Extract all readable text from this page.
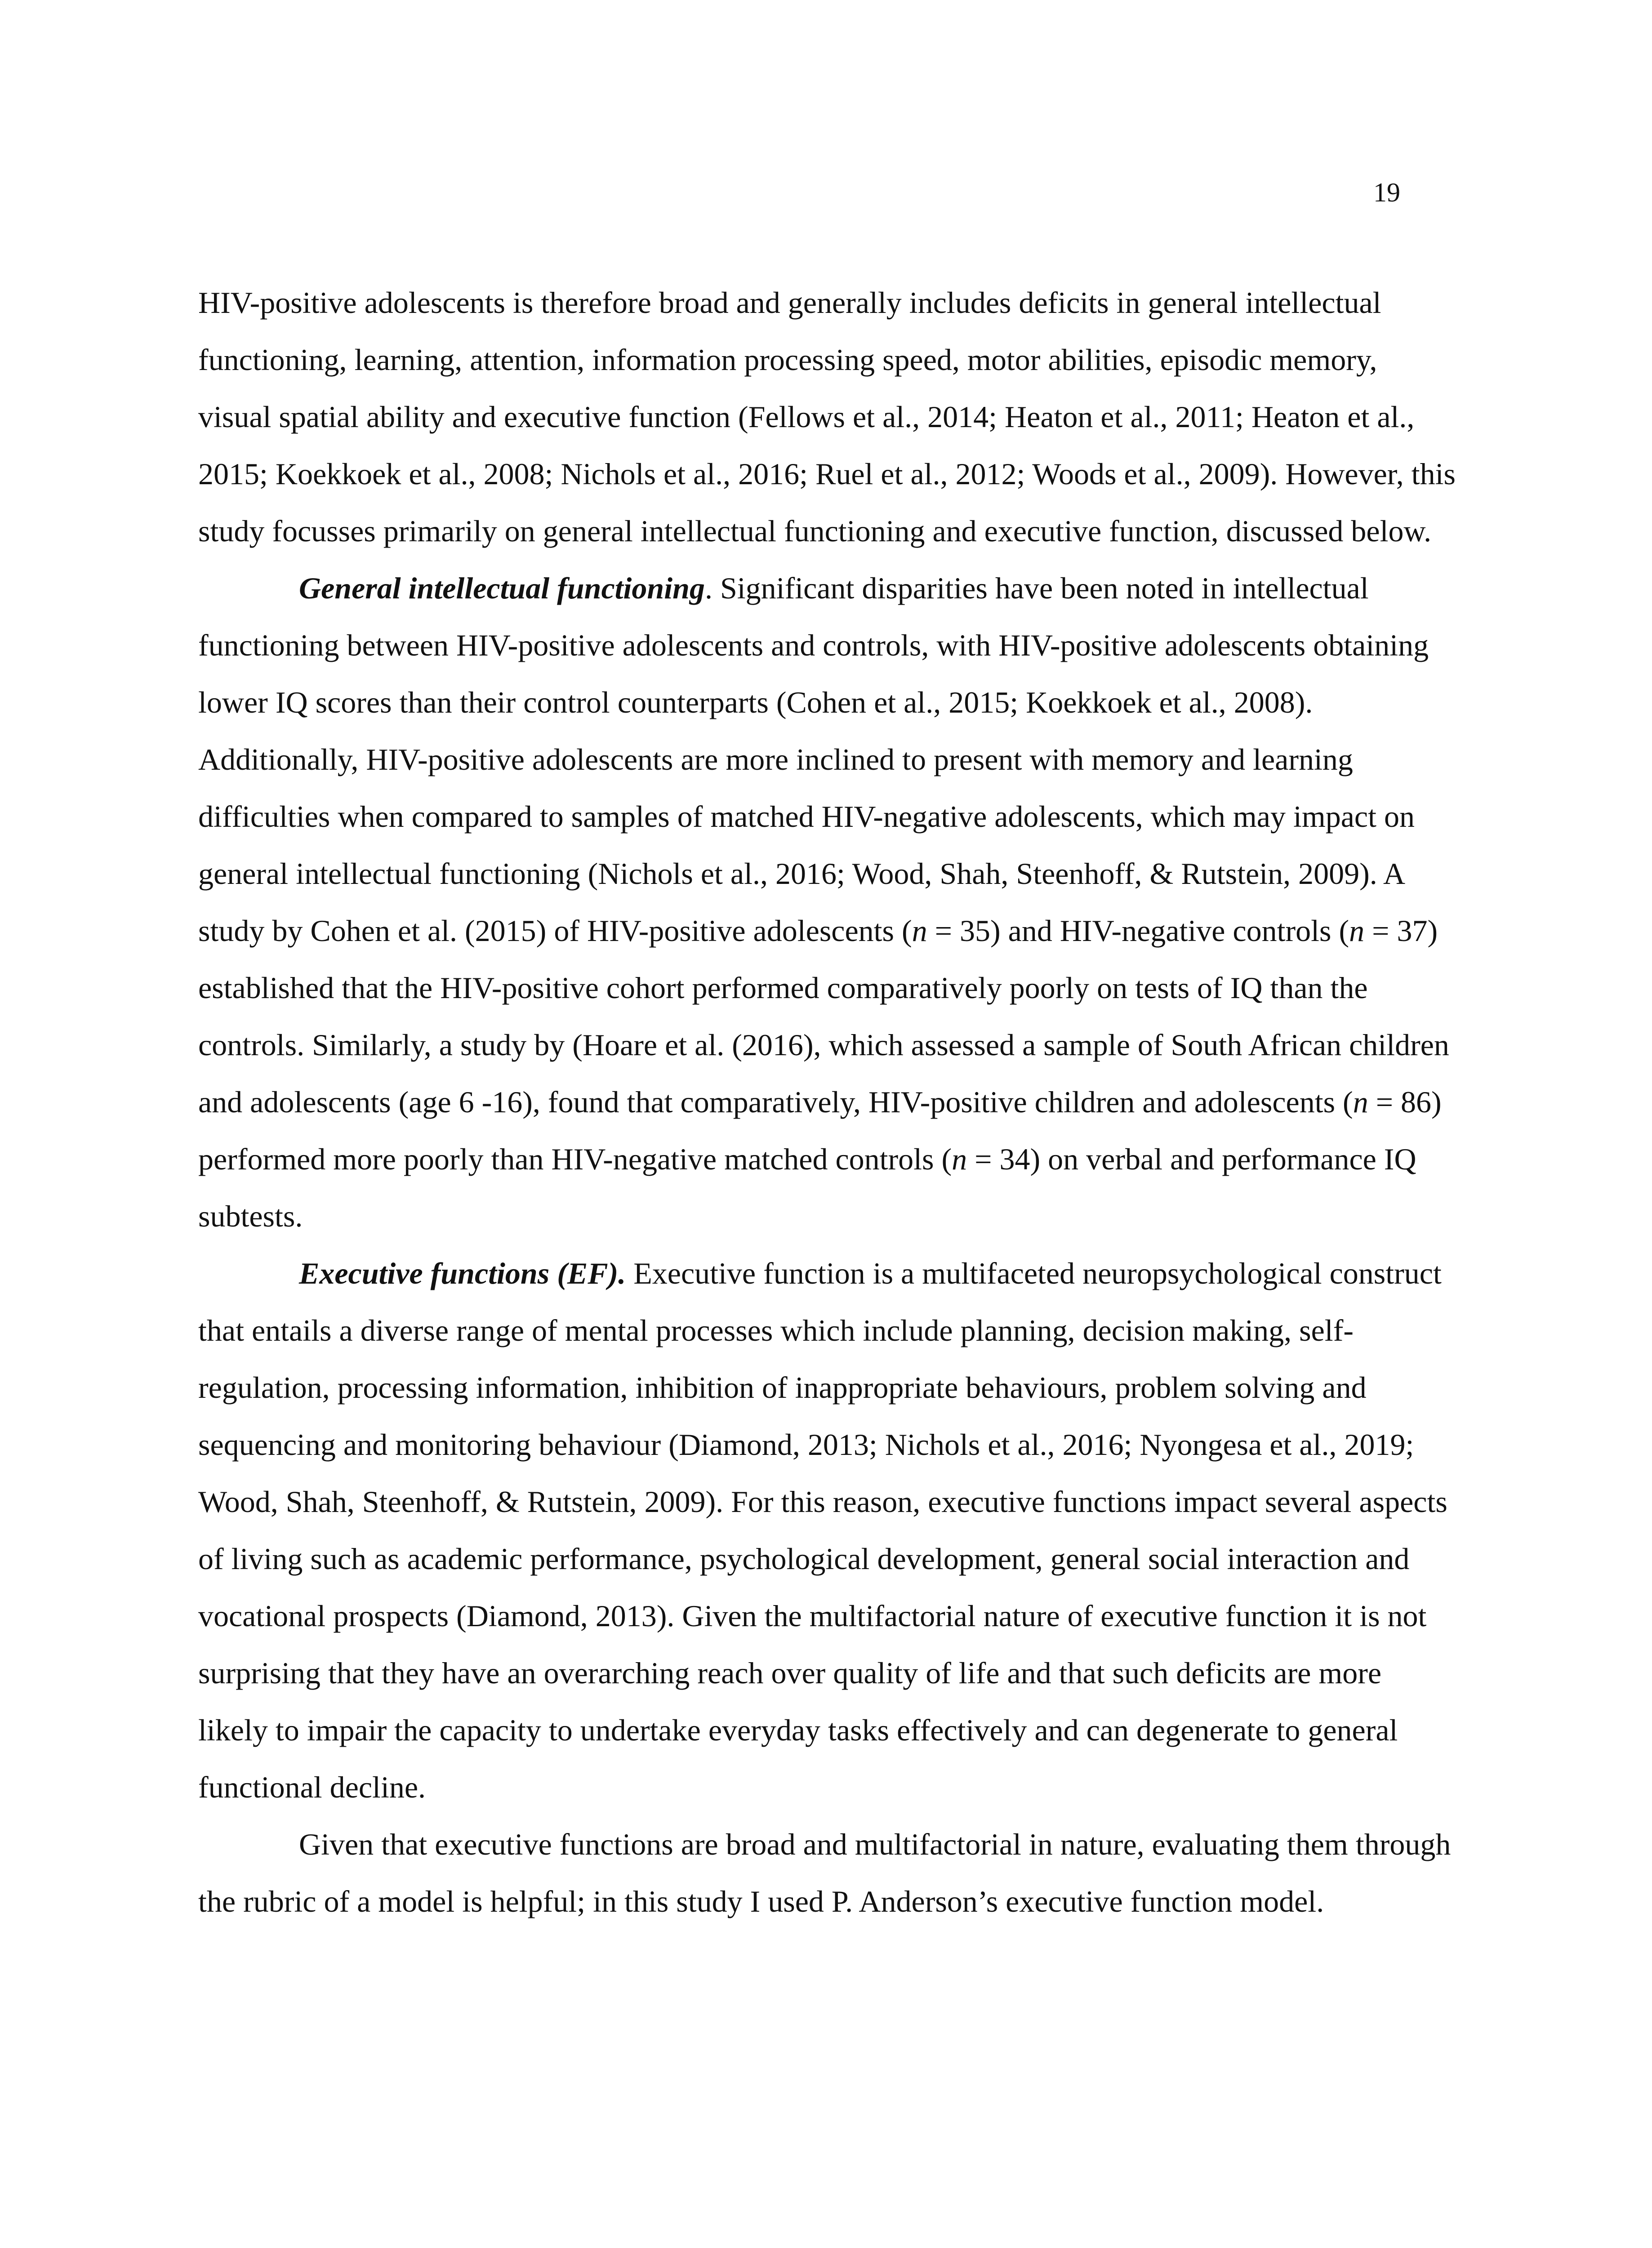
19

HIV-positive adolescents is therefore broad and generally includes deficits in general intellectual functioning, learning, attention, information processing speed, motor abilities, episodic memory, visual spatial ability and executive function (Fellows et al., 2014; Heaton et al., 2011; Heaton et al., 2015; Koekkoek et al., 2008; Nichols et al., 2016; Ruel et al., 2012; Woods et al., 2009). However, this study focusses primarily on general intellectual functioning and executive function, discussed below.

General intellectual functioning. Significant disparities have been noted in intellectual functioning between HIV-positive adolescents and controls, with HIV-positive adolescents obtaining lower IQ scores than their control counterparts (Cohen et al., 2015; Koekkoek et al., 2008). Additionally, HIV-positive adolescents are more inclined to present with memory and learning difficulties when compared to samples of matched HIV-negative adolescents, which may impact on general intellectual functioning (Nichols et al., 2016; Wood, Shah, Steenhoff, & Rutstein, 2009). A study by Cohen et al. (2015) of HIV-positive adolescents (n = 35) and HIV-negative controls (n = 37) established that the HIV-positive cohort performed comparatively poorly on tests of IQ than the controls. Similarly, a study by (Hoare et al. (2016), which assessed a sample of South African children and adolescents (age 6 -16), found that comparatively, HIV-positive children and adolescents (n = 86) performed more poorly than HIV-negative matched controls (n = 34) on verbal and performance IQ subtests.

Executive functions (EF). Executive function is a multifaceted neuropsychological construct that entails a diverse range of mental processes which include planning, decision making, self-regulation, processing information, inhibition of inappropriate behaviours, problem solving and sequencing and monitoring behaviour (Diamond, 2013; Nichols et al., 2016; Nyongesa et al., 2019; Wood, Shah, Steenhoff, & Rutstein, 2009). For this reason, executive functions impact several aspects of living such as academic performance, psychological development, general social interaction and vocational prospects (Diamond, 2013). Given the multifactorial nature of executive function it is not surprising that they have an overarching reach over quality of life and that such deficits are more likely to impair the capacity to undertake everyday tasks effectively and can degenerate to general functional decline.

Given that executive functions are broad and multifactorial in nature, evaluating them through the rubric of a model is helpful; in this study I used P. Anderson’s executive function model.
